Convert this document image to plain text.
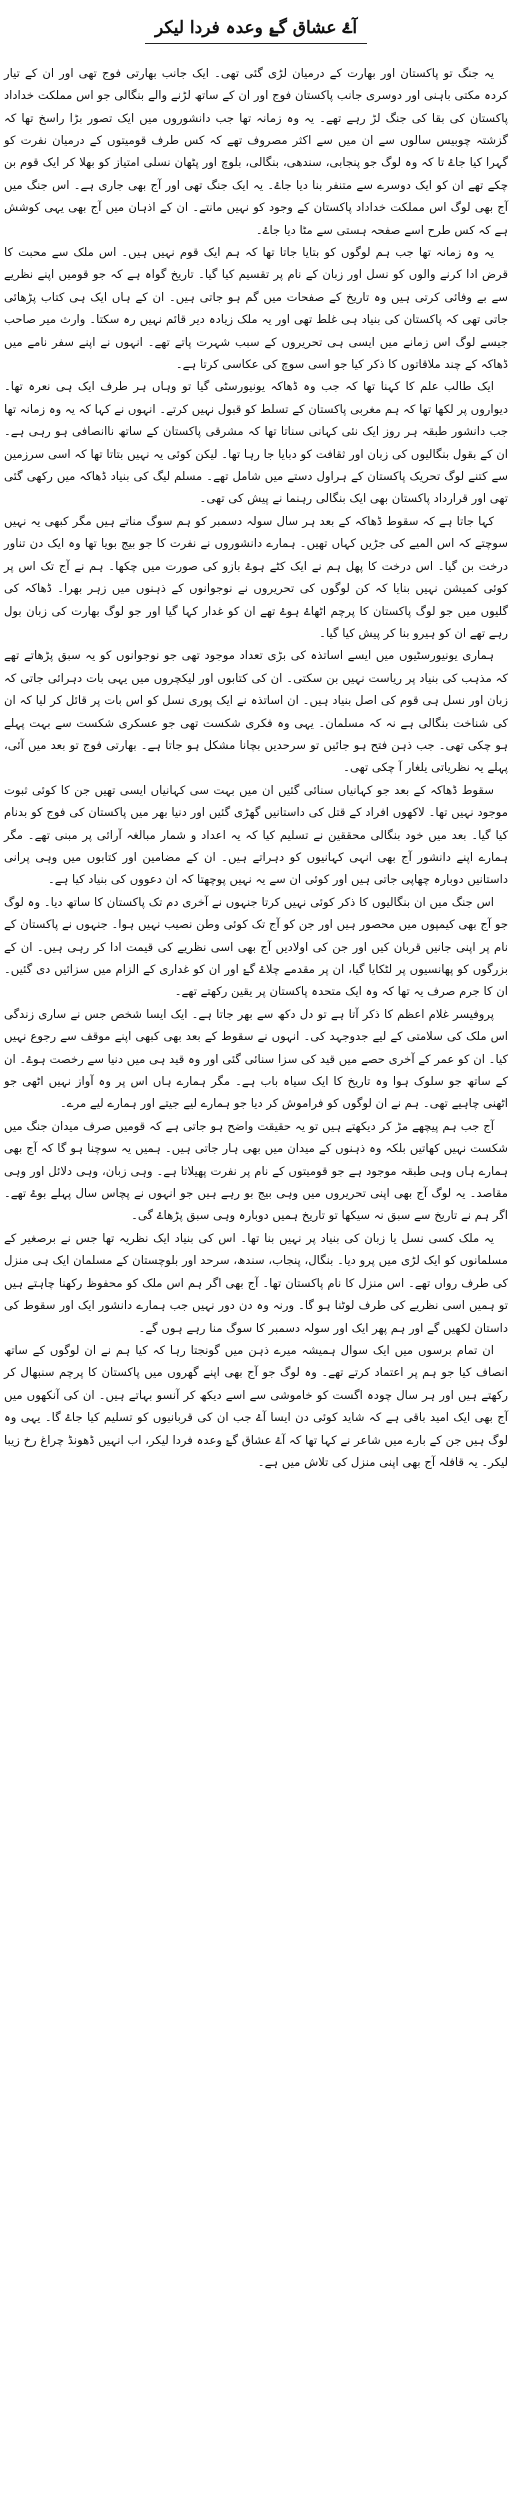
آۓ عشاق گۓ وعدہ فردا لیکر

یہ جنگ تو پاکستان اور بھارت کے درمیان لڑی گئی تھی۔ ایک جانب بھارتی فوج تھی اور ان کے تیار کردہ مکتی باہنی اور دوسری جانب پاکستان فوج اور ان کے ساتھ لڑنے والے بنگالی جو اس مملکت خداداد پاکستان کی بقا کی جنگ لڑ رہے تھے۔ یہ وہ زمانہ تھا جب دانشوروں میں ایک تصور بڑا راسخ تھا کہ گزشتہ چوبیس سالوں سے ان میں سے اکثر مصروف تھے کہ کس طرف قومیتوں کے درمیان نفرت کو گہرا کیا جاۓ تا کہ وہ لوگ جو پنجابی، سندھی، بنگالی، بلوچ اور پٹھان نسلی امتیاز کو بھلا کر ایک قوم بن چکے تھے ان کو ایک دوسرے سے متنفر بنا دیا جاۓ۔ یہ ایک جنگ تھی اور آج بھی جاری ہے۔ اس جنگ میں آج بھی لوگ اس مملکت خداداد پاکستان کے وجود کو نہیں مانتے۔ ان کے اذہان میں آج بھی یہی کوشش ہے کہ کس طرح اسے صفحہ ہستی سے مٹا دیا جاۓ۔

یہ وہ زمانہ تھا جب ہم لوگوں کو بتایا جاتا تھا کہ ہم ایک قوم نہیں ہیں۔ اس ملک سے محبت کا قرض ادا کرنے والوں کو نسل اور زبان کے نام پر تقسیم کیا گیا۔ تاریخ گواہ ہے کہ جو قومیں اپنے نظریے سے بے وفائی کرتی ہیں وہ تاریخ کے صفحات میں گم ہو جاتی ہیں۔ ان کے ہاں ایک ہی کتاب پڑھائی جاتی تھی کہ پاکستان کی بنیاد ہی غلط تھی اور یہ ملک زیادہ دیر قائم نہیں رہ سکتا۔ وارث میر صاحب جیسے لوگ اس زمانے میں ایسی ہی تحریروں کے سبب شہرت پاتے تھے۔ انہوں نے اپنے سفر نامے میں ڈھاکہ کے چند ملاقاتوں کا ذکر کیا جو اسی سوچ کی عکاسی کرتا ہے۔

ایک طالب علم کا کہنا تھا کہ جب وہ ڈھاکہ یونیورسٹی گیا تو وہاں ہر طرف ایک ہی نعرہ تھا۔ دیواروں پر لکھا تھا کہ ہم مغربی پاکستان کے تسلط کو قبول نہیں کرتے۔ انہوں نے کہا کہ یہ وہ زمانہ تھا جب دانشور طبقہ ہر روز ایک نئی کہانی سناتا تھا کہ مشرقی پاکستان کے ساتھ ناانصافی ہو رہی ہے۔ ان کے بقول بنگالیوں کی زبان اور ثقافت کو دبایا جا رہا تھا۔ لیکن کوئی یہ نہیں بتاتا تھا کہ اسی سرزمین سے کتنے لوگ تحریک پاکستان کے ہراول دستے میں شامل تھے۔ مسلم لیگ کی بنیاد ڈھاکہ میں رکھی گئی تھی اور قرارداد پاکستان بھی ایک بنگالی رہنما نے پیش کی تھی۔

کہا جاتا ہے کہ سقوط ڈھاکہ کے بعد ہر سال سولہ دسمبر کو ہم سوگ مناتے ہیں مگر کبھی یہ نہیں سوچتے کہ اس المیے کی جڑیں کہاں تھیں۔ ہمارے دانشوروں نے نفرت کا جو بیج بویا تھا وہ ایک دن تناور درخت بن گیا۔ اس درخت کا پھل ہم نے ایک کٹے ہوۓ بازو کی صورت میں چکھا۔ ہم نے آج تک اس پر کوئی کمیشن نہیں بنایا کہ کن لوگوں کی تحریروں نے نوجوانوں کے ذہنوں میں زہر بھرا۔ ڈھاکہ کی گلیوں میں جو لوگ پاکستان کا پرچم اٹھاۓ ہوۓ تھے ان کو غدار کہا گیا اور جو لوگ بھارت کی زبان بول رہے تھے ان کو ہیرو بنا کر پیش کیا گیا۔

ہماری یونیورسٹیوں میں ایسے اساتذہ کی بڑی تعداد موجود تھی جو نوجوانوں کو یہ سبق پڑھاتے تھے کہ مذہب کی بنیاد پر ریاست نہیں بن سکتی۔ ان کی کتابوں اور لیکچروں میں یہی بات دہرائی جاتی کہ زبان اور نسل ہی قوم کی اصل بنیاد ہیں۔ ان اساتذہ نے ایک پوری نسل کو اس بات پر قائل کر لیا کہ ان کی شناخت بنگالی ہے نہ کہ مسلمان۔ یہی وہ فکری شکست تھی جو عسکری شکست سے بہت پہلے ہو چکی تھی۔ جب ذہن فتح ہو جائیں تو سرحدیں بچانا مشکل ہو جاتا ہے۔ بھارتی فوج تو بعد میں آئی، پہلے یہ نظریاتی یلغار آ چکی تھی۔

سقوط ڈھاکہ کے بعد جو کہانیاں سنائی گئیں ان میں بہت سی کہانیاں ایسی تھیں جن کا کوئی ثبوت موجود نہیں تھا۔ لاکھوں افراد کے قتل کی داستانیں گھڑی گئیں اور دنیا بھر میں پاکستان کی فوج کو بدنام کیا گیا۔ بعد میں خود بنگالی محققین نے تسلیم کیا کہ یہ اعداد و شمار مبالغہ آرائی پر مبنی تھے۔ مگر ہمارے اپنے دانشور آج بھی انہی کہانیوں کو دہراتے ہیں۔ ان کے مضامین اور کتابوں میں وہی پرانی داستانیں دوبارہ چھاپی جاتی ہیں اور کوئی ان سے یہ نہیں پوچھتا کہ ان دعووں کی بنیاد کیا ہے۔

اس جنگ میں ان بنگالیوں کا ذکر کوئی نہیں کرتا جنہوں نے آخری دم تک پاکستان کا ساتھ دیا۔ وہ لوگ جو آج بھی کیمپوں میں محصور ہیں اور جن کو آج تک کوئی وطن نصیب نہیں ہوا۔ جنہوں نے پاکستان کے نام پر اپنی جانیں قربان کیں اور جن کی اولادیں آج بھی اسی نظریے کی قیمت ادا کر رہی ہیں۔ ان کے بزرگوں کو پھانسیوں پر لٹکایا گیا، ان پر مقدمے چلاۓ گۓ اور ان کو غداری کے الزام میں سزائیں دی گئیں۔ ان کا جرم صرف یہ تھا کہ وہ ایک متحدہ پاکستان پر یقین رکھتے تھے۔

پروفیسر غلام اعظم کا ذکر آتا ہے تو دل دکھ سے بھر جاتا ہے۔ ایک ایسا شخص جس نے ساری زندگی اس ملک کی سلامتی کے لیے جدوجہد کی۔ انہوں نے سقوط کے بعد بھی کبھی اپنے موقف سے رجوع نہیں کیا۔ ان کو عمر کے آخری حصے میں قید کی سزا سنائی گئی اور وہ قید ہی میں دنیا سے رخصت ہوۓ۔ ان کے ساتھ جو سلوک ہوا وہ تاریخ کا ایک سیاہ باب ہے۔ مگر ہمارے ہاں اس پر وہ آواز نہیں اٹھی جو اٹھنی چاہیے تھی۔ ہم نے ان لوگوں کو فراموش کر دیا جو ہمارے لیے جیتے اور ہمارے لیے مرے۔

آج جب ہم پیچھے مڑ کر دیکھتے ہیں تو یہ حقیقت واضح ہو جاتی ہے کہ قومیں صرف میدان جنگ میں شکست نہیں کھاتیں بلکہ وہ ذہنوں کے میدان میں بھی ہار جاتی ہیں۔ ہمیں یہ سوچنا ہو گا کہ آج بھی ہمارے ہاں وہی طبقہ موجود ہے جو قومیتوں کے نام پر نفرت پھیلاتا ہے۔ وہی زبان، وہی دلائل اور وہی مقاصد۔ یہ لوگ آج بھی اپنی تحریروں میں وہی بیج بو رہے ہیں جو انہوں نے پچاس سال پہلے بوۓ تھے۔ اگر ہم نے تاریخ سے سبق نہ سیکھا تو تاریخ ہمیں دوبارہ وہی سبق پڑھاۓ گی۔

یہ ملک کسی نسل یا زبان کی بنیاد پر نہیں بنا تھا۔ اس کی بنیاد ایک نظریہ تھا جس نے برصغیر کے مسلمانوں کو ایک لڑی میں پرو دیا۔ بنگال، پنجاب، سندھ، سرحد اور بلوچستان کے مسلمان ایک ہی منزل کی طرف رواں تھے۔ اس منزل کا نام پاکستان تھا۔ آج بھی اگر ہم اس ملک کو محفوظ رکھنا چاہتے ہیں تو ہمیں اسی نظریے کی طرف لوٹنا ہو گا۔ ورنہ وہ دن دور نہیں جب ہمارے دانشور ایک اور سقوط کی داستان لکھیں گے اور ہم پھر ایک اور سولہ دسمبر کا سوگ منا رہے ہوں گے۔

ان تمام برسوں میں ایک سوال ہمیشہ میرے ذہن میں گونجتا رہا کہ کیا ہم نے ان لوگوں کے ساتھ انصاف کیا جو ہم پر اعتماد کرتے تھے۔ وہ لوگ جو آج بھی اپنے گھروں میں پاکستان کا پرچم سنبھال کر رکھتے ہیں اور ہر سال چودہ اگست کو خاموشی سے اسے دیکھ کر آنسو بہاتے ہیں۔ ان کی آنکھوں میں آج بھی ایک امید باقی ہے کہ شاید کوئی دن ایسا آۓ جب ان کی قربانیوں کو تسلیم کیا جاۓ گا۔ یہی وہ لوگ ہیں جن کے بارے میں شاعر نے کہا تھا کہ آۓ عشاق گۓ وعدہ فردا لیکر، اب انہیں ڈھونڈ چراغ رخ زیبا لیکر۔ یہ قافلہ آج بھی اپنی منزل کی تلاش میں ہے۔
